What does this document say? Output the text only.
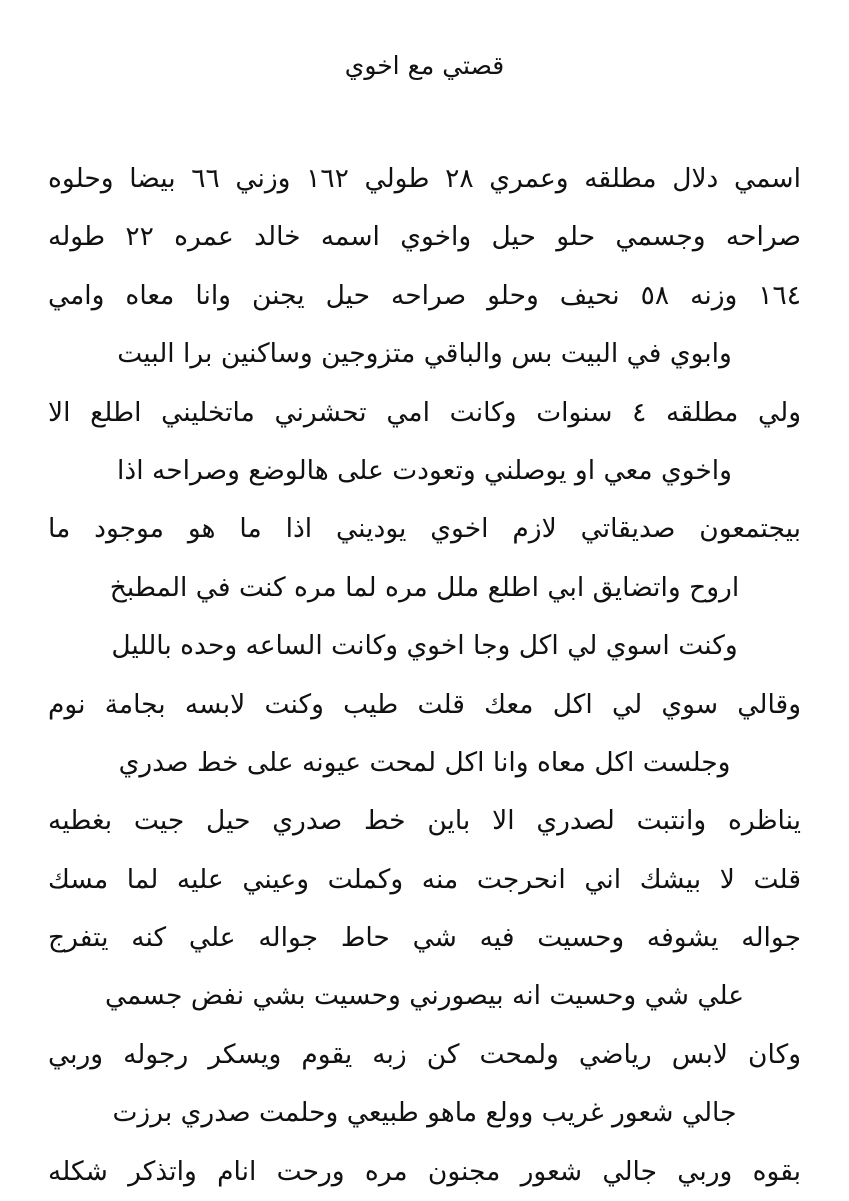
قصتي مع اخوي
اسمي دلال مطلقه وعمري ٢٨ طولي ١٦٢ وزني ٦٦ بيضا وحلوه
صراحه وجسمي حلو حيل واخوي اسمه خالد عمره ٢٢ طوله
١٦٤ وزنه ٥٨ نحيف وحلو صراحه حيل يجنن وانا معاه وامي
وابوي في البيت بس والباقي متزوجين وساكنين برا البيت
ولي مطلقه ٤ سنوات وكانت امي تحشرني ماتخليني اطلع الا
واخوي معي او يوصلني وتعودت على هالوضع وصراحه اذا
بيجتمعون صديقاتي لازم اخوي يوديني اذا ما هو موجود ما
اروح واتضايق ابي اطلع ملل مره لما مره كنت في المطبخ
وكنت اسوي لي اكل وجا اخوي وكانت الساعه وحده بالليل
وقالي سوي لي اكل معك قلت طيب وكنت لابسه بجامة نوم
وجلست اكل معاه وانا اكل لمحت عيونه على خط صدري
يناظره وانتبت لصدري الا باين خط صدري حيل جيت بغطيه
قلت لا بيشك اني انحرجت منه وكملت وعيني عليه لما مسك
جواله يشوفه وحسيت فيه شي حاط جواله علي كنه يتفرج
علي شي وحسيت انه بيصورني وحسيت بشي نفض جسمي
وكان لابس رياضي ولمحت كن زبه يقوم ويسكر رجوله وربي
جالي شعور غريب وولع ماهو طبيعي وحلمت صدري برزت
بقوه وربي جالي شعور مجنون مره ورحت انام واتذكر شكله
